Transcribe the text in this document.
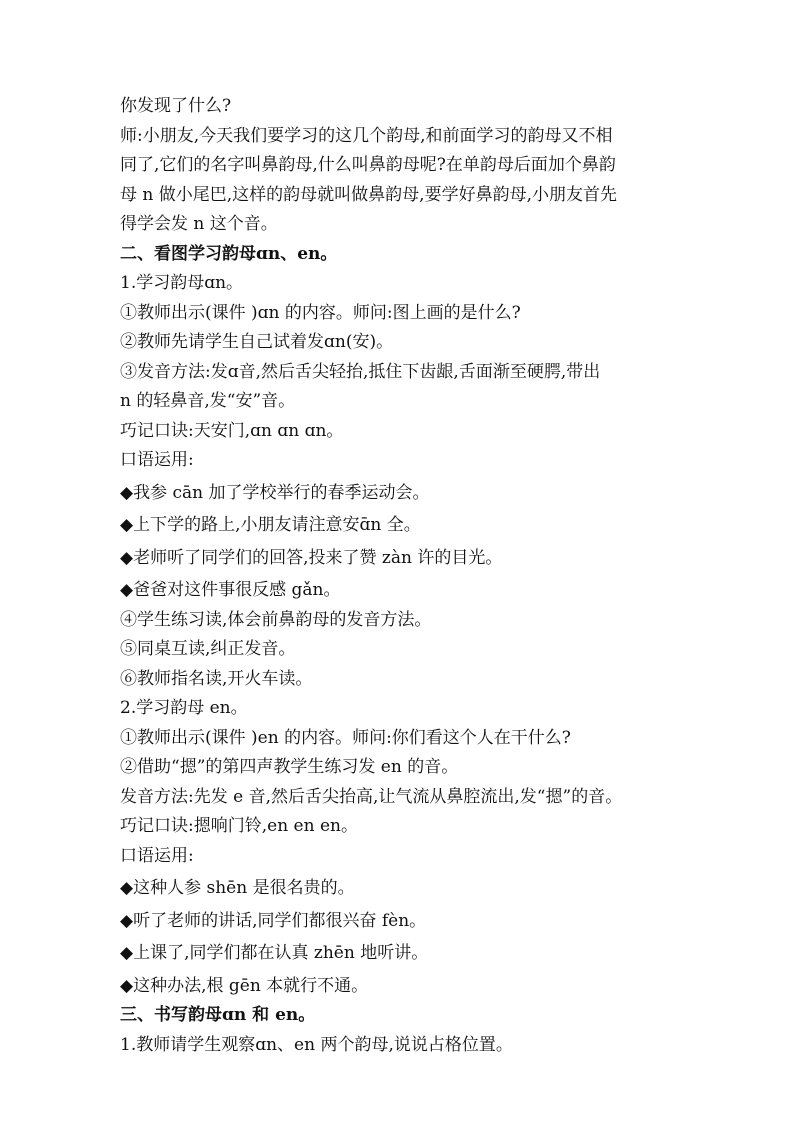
你发现了什么?
师:小朋友,今天我们要学习的这几个韵母,和前面学习的韵母又不相
同了,它们的名字叫鼻韵母,什么叫鼻韵母呢?在单韵母后面加个鼻韵
母 n 做小尾巴,这样的韵母就叫做鼻韵母,要学好鼻韵母,小朋友首先
得学会发 n 这个音。
二、看图学习韵母ɑn、en。
1.学习韵母ɑn。
①教师出示(课件 )ɑn 的内容。师问:图上画的是什么?
②教师先请学生自己试着发ɑn(安)。
③发音方法:发ɑ音,然后舌尖轻抬,抵住下齿龈,舌面渐至硬腭,带出
n 的轻鼻音,发“安”音。
巧记口诀:天安门,ɑn ɑn ɑn。
口语运用:
◆我参 cān 加了学校举行的春季运动会。
◆上下学的路上,小朋友请注意安ɑ̄n 全。
◆老师听了同学们的回答,投来了赞 zàn 许的目光。
◆爸爸对这件事很反感 gǎn。
④学生练习读,体会前鼻韵母的发音方法。
⑤同桌互读,纠正发音。
⑥教师指名读,开火车读。
2.学习韵母 en。
①教师出示(课件 )en 的内容。师问:你们看这个人在干什么?
②借助“摁”的第四声教学生练习发 en 的音。
发音方法:先发 e 音,然后舌尖抬高,让气流从鼻腔流出,发“摁”的音。
巧记口诀:摁响门铃,en en en。
口语运用:
◆这种人参 shēn 是很名贵的。
◆听了老师的讲话,同学们都很兴奋 fèn。
◆上课了,同学们都在认真 zhēn 地听讲。
◆这种办法,根 gēn 本就行不通。
三、书写韵母ɑn 和 en。
1.教师请学生观察ɑn、en 两个韵母,说说占格位置。
